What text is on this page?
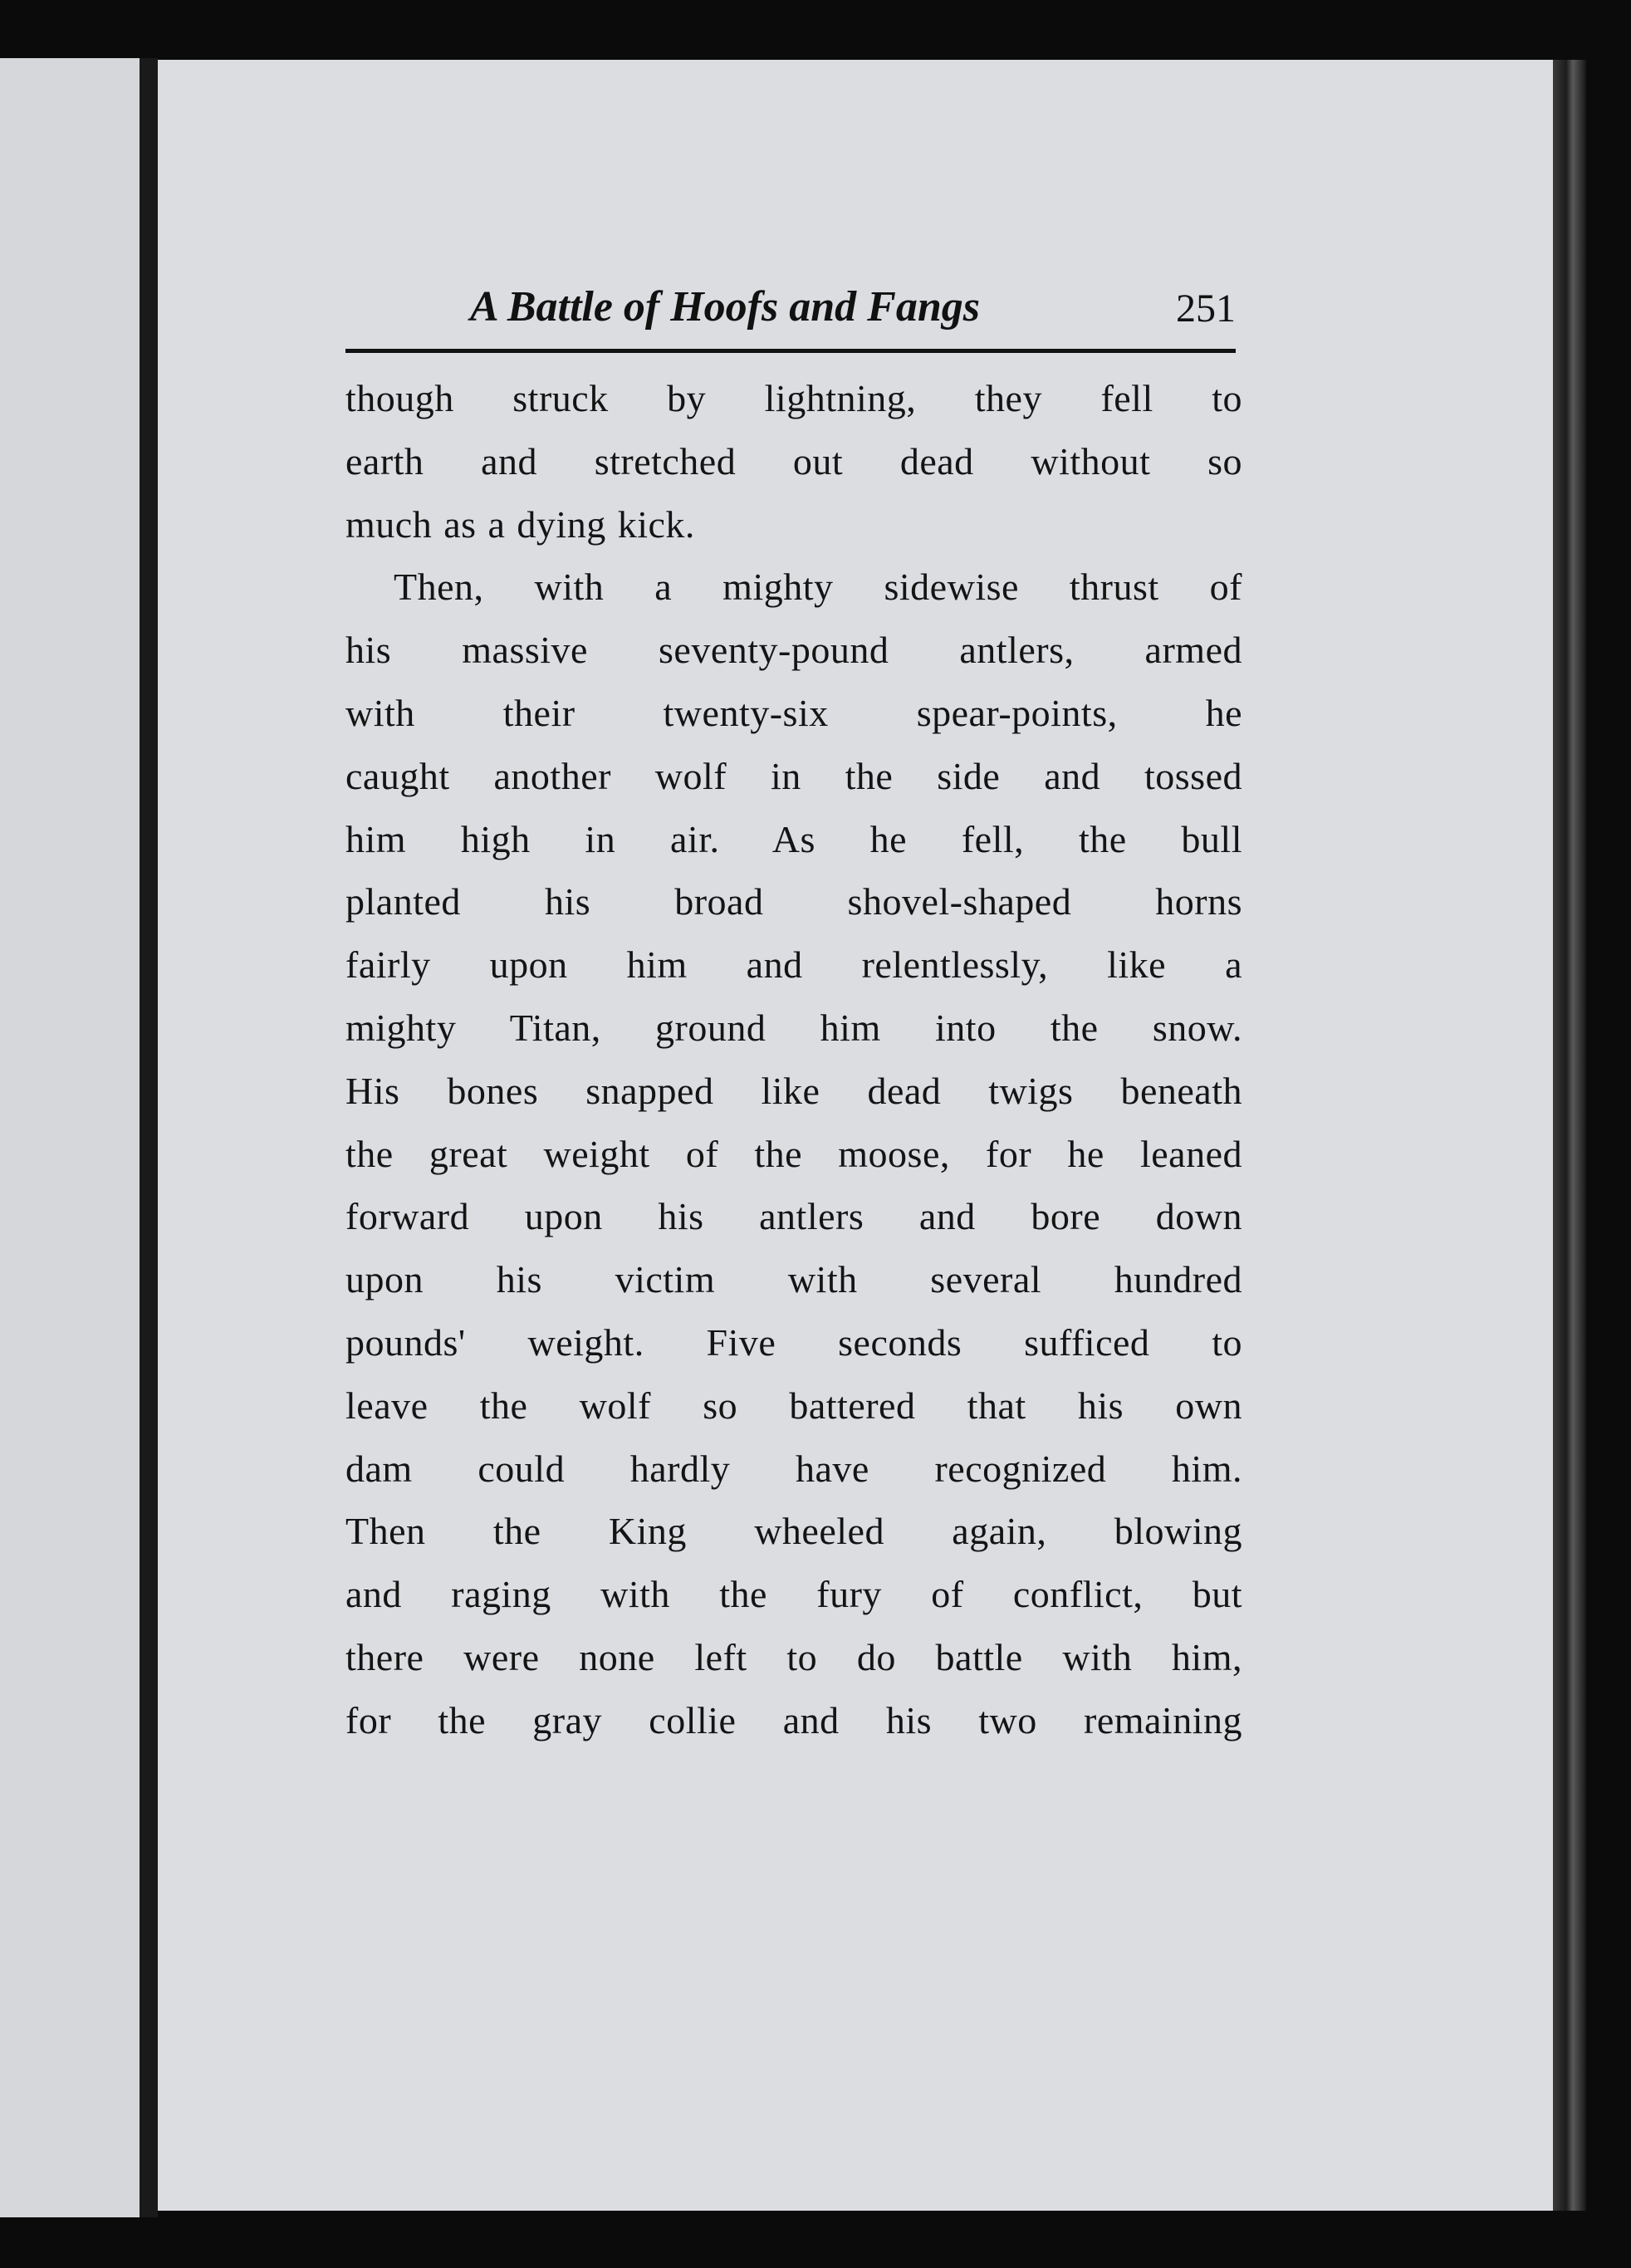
A Battle of Hoofs and Fangs	251
though struck by lightning, they fell to
earth and stretched out dead without so
much as a dying kick.
Then, with a mighty sidewise thrust of
his massive seventy-pound antlers, armed
with their twenty-six spear-points, he
caught another wolf in the side and tossed
him high in air. As he fell, the bull
planted his broad shovel-shaped horns
fairly upon him and relentlessly, like a
mighty Titan, ground him into the snow.
His bones snapped like dead twigs beneath
the great weight of the moose, for he leaned
forward upon his antlers and bore down
upon his victim with several hundred
pounds' weight. Five seconds sufficed to
leave the wolf so battered that his own
dam could hardly have recognized him.
Then the King wheeled again, blowing
and raging with the fury of conflict, but
there were none left to do battle with him,
for the gray collie and his two remaining
